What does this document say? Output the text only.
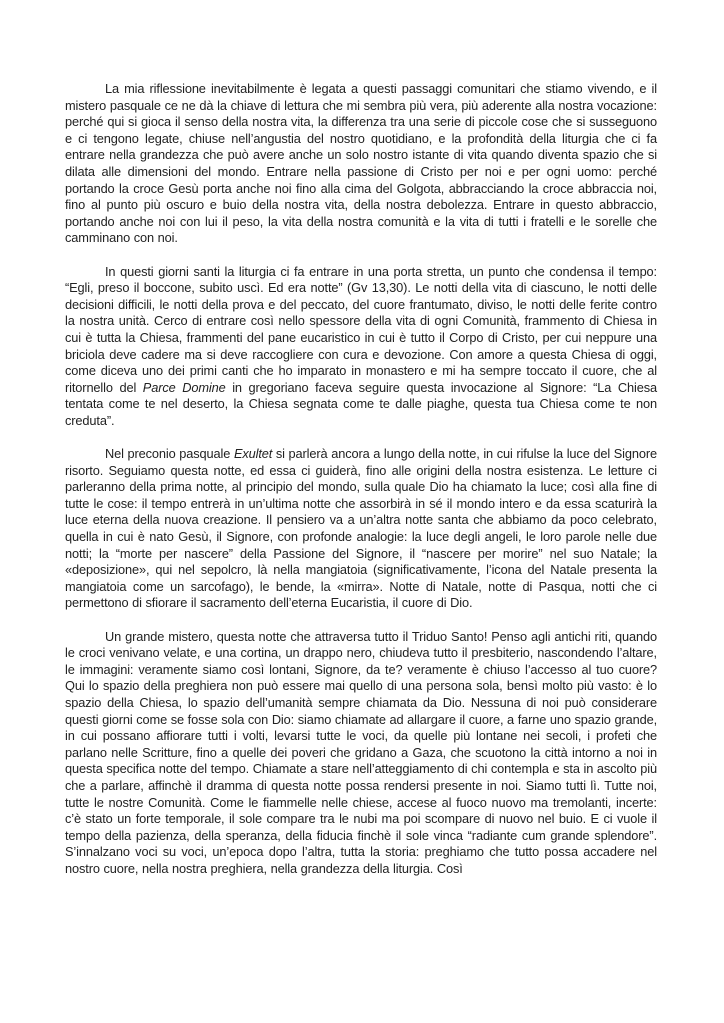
La mia riflessione inevitabilmente è legata a questi passaggi comunitari che stiamo vivendo, e il mistero pasquale ce ne dà la chiave di lettura che mi sembra più vera, più aderente alla nostra vocazione: perché qui si gioca il senso della nostra vita, la differenza tra una serie di piccole cose che si susseguono e ci tengono legate, chiuse nell’angustia del nostro quotidiano, e la profondità della liturgia che ci fa entrare nella grandezza che può avere anche un solo nostro istante di vita quando diventa spazio che si dilata alle dimensioni del mondo. Entrare nella passione di Cristo per noi e per ogni uomo: perché portando la croce Gesù porta anche noi fino alla cima del Golgota, abbracciando la croce abbraccia noi, fino al punto più oscuro e buio della nostra vita, della nostra debolezza. Entrare in questo abbraccio, portando anche noi con lui il peso, la vita della nostra comunità e la vita di tutti i fratelli e le sorelle che camminano con noi.

In questi giorni santi la liturgia ci fa entrare in una porta stretta, un punto che condensa il tempo: “Egli, preso il boccone, subito uscì. Ed era notte” (Gv 13,30). Le notti della vita di ciascuno, le notti delle decisioni difficili, le notti della prova e del peccato, del cuore frantumato, diviso, le notti delle ferite contro la nostra unità. Cerco di entrare così nello spessore della vita di ogni Comunità, frammento di Chiesa in cui è tutta la Chiesa, frammenti del pane eucaristico in cui è tutto il Corpo di Cristo, per cui neppure una briciola deve cadere ma si deve raccogliere con cura e devozione. Con amore a questa Chiesa di oggi, come diceva uno dei primi canti che ho imparato in monastero e mi ha sempre toccato il cuore, che al ritornello del Parce Domine in gregoriano faceva seguire questa invocazione al Signore: “La Chiesa tentata come te nel deserto, la Chiesa segnata come te dalle piaghe, questa tua Chiesa come te non creduta”.

Nel preconio pasquale Exultet si parlerà ancora a lungo della notte, in cui rifulse la luce del Signore risorto. Seguiamo questa notte, ed essa ci guiderà, fino alle origini della nostra esistenza. Le letture ci parleranno della prima notte, al principio del mondo, sulla quale Dio ha chiamato la luce; così alla fine di tutte le cose: il tempo entrerà in un’ultima notte che assorbirà in sé il mondo intero e da essa scaturirà la luce eterna della nuova creazione. Il pensiero va a un’altra notte santa che abbiamo da poco celebrato, quella in cui è nato Gesù, il Signore, con profonde analogie: la luce degli angeli, le loro parole nelle due notti; la “morte per nascere” della Passione del Signore, il “nascere per morire” nel suo Natale; la «deposizione», qui nel sepolcro, là nella mangiatoia (significativamente, l’icona del Natale presenta la mangiatoia come un sarcofago), le bende, la «mirra». Notte di Natale, notte di Pasqua, notti che ci permettono di sfiorare il sacramento dell’eterna Eucaristia, il cuore di Dio.

Un grande mistero, questa notte che attraversa tutto il Triduo Santo! Penso agli antichi riti, quando le croci venivano velate, e una cortina, un drappo nero, chiudeva tutto il presbiterio, nascondendo l’altare, le immagini: veramente siamo così lontani, Signore, da te? veramente è chiuso l’accesso al tuo cuore? Qui lo spazio della preghiera non può essere mai quello di una persona sola, bensì molto più vasto: è lo spazio della Chiesa, lo spazio dell’umanità sempre chiamata da Dio. Nessuna di noi può considerare questi giorni come se fosse sola con Dio: siamo chiamate ad allargare il cuore, a farne uno spazio grande, in cui possano affiorare tutti i volti, levarsi tutte le voci, da quelle più lontane nei secoli, i profeti che parlano nelle Scritture, fino a quelle dei poveri che gridano a Gaza, che scuotono la città intorno a noi in questa specifica notte del tempo. Chiamate a stare nell’atteggiamento di chi contempla e sta in ascolto più che a parlare, affinchè il dramma di questa notte possa rendersi presente in noi. Siamo tutti lì. Tutte noi, tutte le nostre Comunità. Come le fiammelle nelle chiese, accese al fuoco nuovo ma tremolanti, incerte: c’è stato un forte temporale, il sole compare tra le nubi ma poi scompare di nuovo nel buio. E ci vuole il tempo della pazienza, della speranza, della fiducia finchè il sole vinca “radiante cum grande splendore”. S’innalzano voci su voci, un’epoca dopo l’altra, tutta la storia: preghiamo che tutto possa accadere nel nostro cuore, nella nostra preghiera, nella grandezza della liturgia. Così
